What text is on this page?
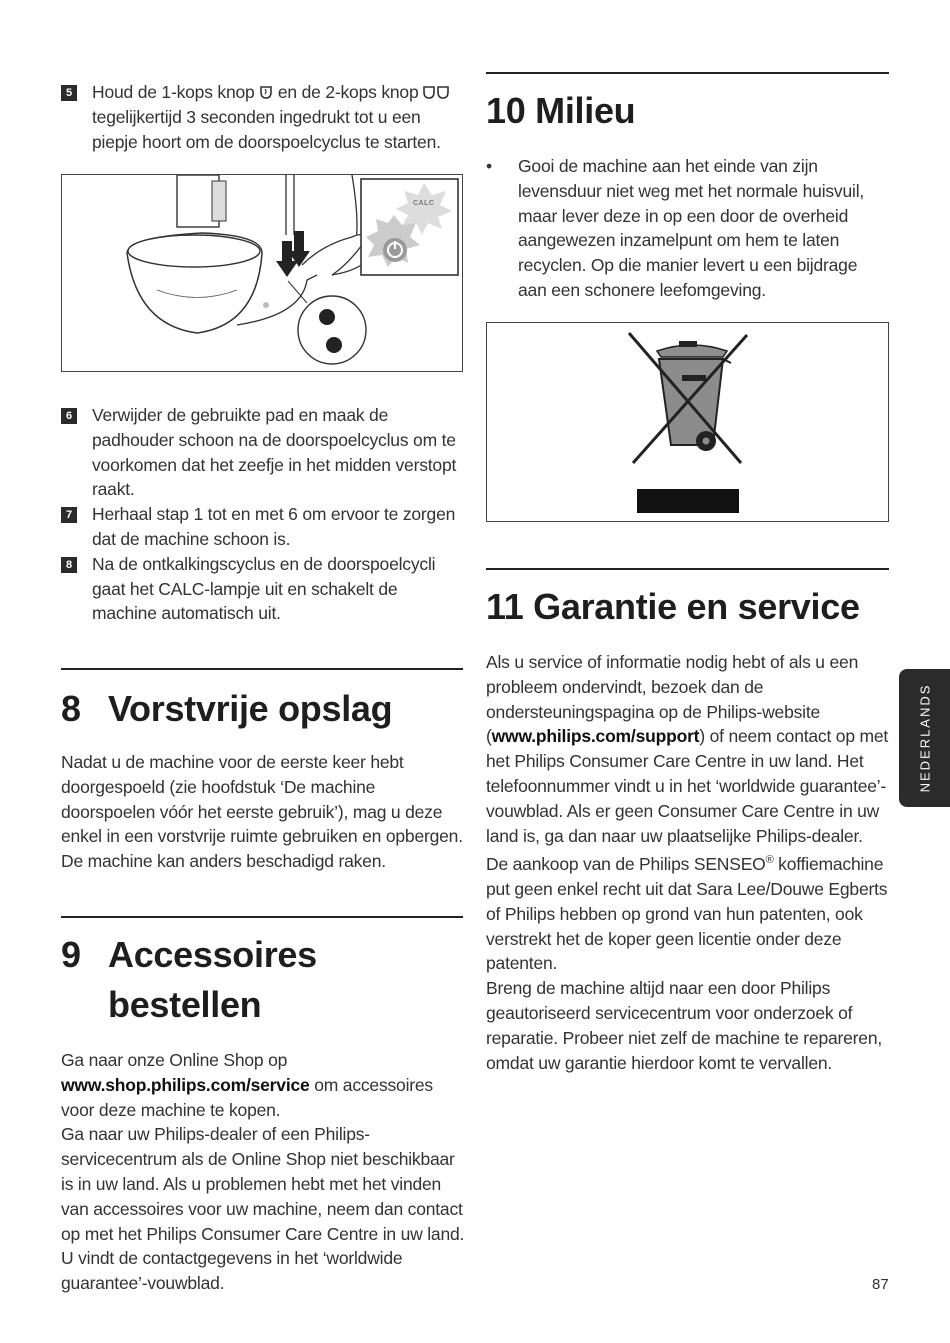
5 Houd de 1-kops knop  en de 2-kops knop  tegelijkertijd 3 seconden ingedrukt tot u een piepje hoort om de doorspoelcyclus te starten.
CALC
6 Verwijder de gebruikte pad en maak de padhouder schoon na de doorspoelcyclus om te voorkomen dat het zeefje in het midden verstopt raakt.
7 Herhaal stap 1 tot en met 6 om ervoor te zorgen dat de machine schoon is.
8 Na de ontkalkingscyclus en de doorspoelcycli gaat het CALC-lampje uit en schakelt de machine automatisch uit.
8 Vorstvrije opslag
Nadat u de machine voor de eerste keer hebt doorgespoeld (zie hoofdstuk ‘De machine doorspoelen vóór het eerste gebruik’), mag u deze enkel in een vorstvrije ruimte gebruiken en opbergen. De machine kan anders beschadigd raken.
9 Accessoires
bestellen
Ga naar onze Online Shop op www.shop.philips.com/service om accessoires voor deze machine te kopen.
Ga naar uw Philips-dealer of een Philips-servicecentrum als de Online Shop niet beschikbaar is in uw land. Als u problemen hebt met het vinden van accessoires voor uw machine, neem dan contact op met het Philips Consumer Care Centre in uw land. U vindt de contactgegevens in het ‘worldwide guarantee’-vouwblad.
10 Milieu
•	Gooi de machine aan het einde van zijn levensduur niet weg met het normale huisvuil, maar lever deze in op een door de overheid aangewezen inzamelpunt om hem te laten recyclen. Op die manier levert u een bijdrage aan een schonere leefomgeving.
11 Garantie en service
Als u service of informatie nodig hebt of als u een probleem ondervindt, bezoek dan de ondersteuningspagina op de Philips-website (www.philips.com/support) of neem contact op met het Philips Consumer Care Centre in uw land. Het telefoonnummer vindt u in het ‘worldwide guarantee’-vouwblad. Als er geen Consumer Care Centre in uw land is, ga dan naar uw plaatselijke Philips-dealer.
De aankoop van de Philips SENSEO® koffiemachine put geen enkel recht uit dat Sara Lee/Douwe Egberts of Philips hebben op grond van hun patenten, ook verstrekt het de koper geen licentie onder deze patenten.
Breng de machine altijd naar een door Philips geautoriseerd servicecentrum voor onderzoek of reparatie. Probeer niet zelf de machine te repareren, omdat uw garantie hierdoor komt te vervallen.
NEDERLANDS
87
